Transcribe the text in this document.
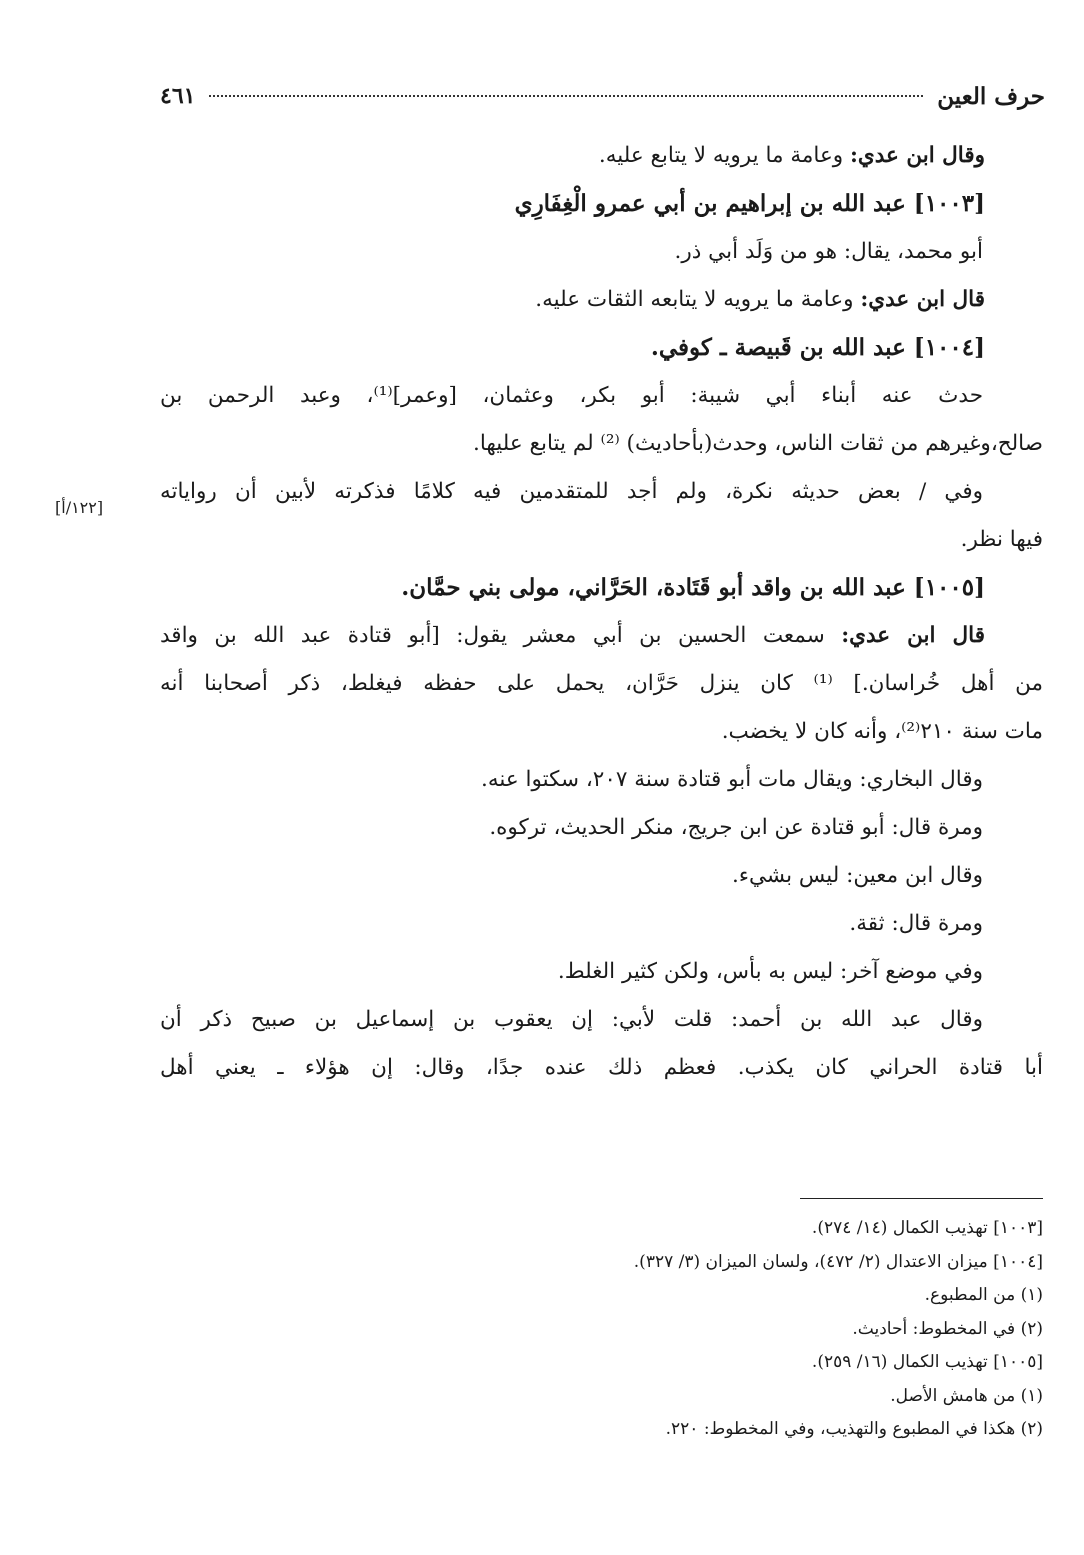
حرف العين
٤٦١
وقال ابن عدي: وعامة ما يرويه لا يتابع عليه.
[١٠٠٣] عبد الله بن إبراهيم بن أبي عمرو الْغِفَارِي
أبو محمد، يقال: هو من وَلَد أبي ذر.
قال ابن عدي: وعامة ما يرويه لا يتابعه الثقات عليه.
[١٠٠٤] عبد الله بن قَبيصة ـ كوفي.
حدث عنه أبناء أبي شيبة: أبو بكر، وعثمان، [وعمر]⁽¹⁾، وعبد الرحمن بن
صالح،وغيرهم من ثقات الناس، وحدث(بأحاديث) ⁽²⁾ لم يتابع عليها.
وفي / بعض حديثه نكرة، ولم أجد للمتقدمين فيه كلامًا فذكرته لأبين أن رواياته
فيها نظر.
[١٠٠٥] عبد الله بن واقد أبو قَتَادة، الحَرَّاني، مولى بني حمَّان.
قال ابن عدي: سمعت الحسين بن أبي معشر يقول: [أبو قتادة عبد الله بن واقد
من أهل خُراسان.] ⁽¹⁾ كان ينزل حَرَّان، يحمل على حفظه فيغلط، ذكر أصحابنا أنه
مات سنة ٢١٠⁽²⁾، وأنه كان لا يخضب.
وقال البخاري: ويقال مات أبو قتادة سنة ٢٠٧، سكتوا عنه.
ومرة قال: أبو قتادة عن ابن جريج، منكر الحديث، تركوه.
وقال ابن معين: ليس بشيء.
ومرة قال: ثقة.
وفي موضع آخر: ليس به بأس، ولكن كثير الغلط.
وقال عبد الله بن أحمد: قلت لأبي: إن يعقوب بن إسماعيل بن صبيح ذكر أن
أبا قتادة الحراني كان يكذب. فعظم ذلك عنده جدًا، وقال: إن هؤلاء ـ يعني أهل
[١٢٢/أ]
[١٠٠٣] تهذيب الكمال (١٤/ ٢٧٤).
[١٠٠٤] ميزان الاعتدال (٢/ ٤٧٢)، ولسان الميزان (٣/ ٣٢٧).
(١) من المطبوع.
(٢) في المخطوط: أحاديث.
[١٠٠٥] تهذيب الكمال (١٦/ ٢٥٩).
(١) من هامش الأصل.
(٢) هكذا في المطبوع والتهذيب، وفي المخطوط: ٢٢٠.
